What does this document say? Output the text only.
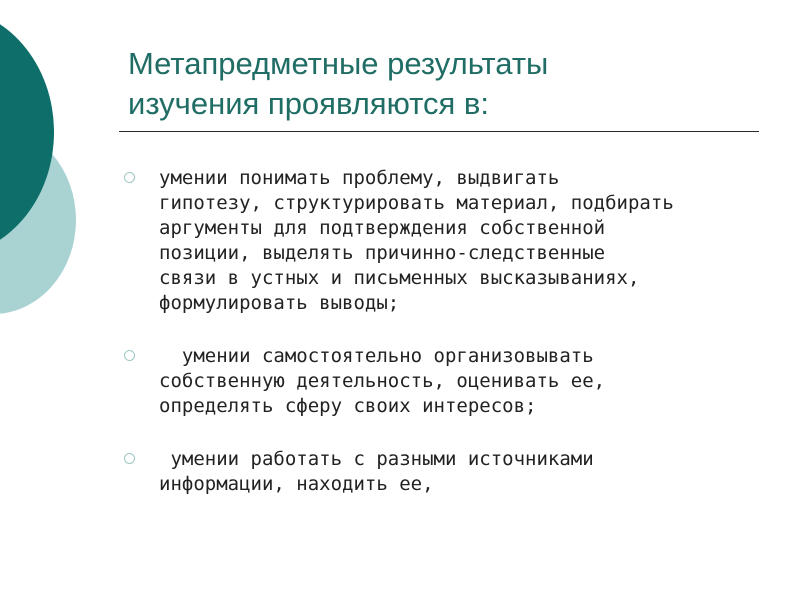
Метапредметные результаты
изучения проявляются в:
умении понимать проблему, выдвигать
гипотезу, структурировать материал, подбирать
аргументы для подтверждения собственной
позиции, выделять причинно-следственные
связи в устных и письменных высказываниях,
формулировать выводы;
умении самостоятельно организовывать
собственную деятельность, оценивать ее,
определять сферу своих интересов;
умении работать с разными источниками
информации, находить ее,
